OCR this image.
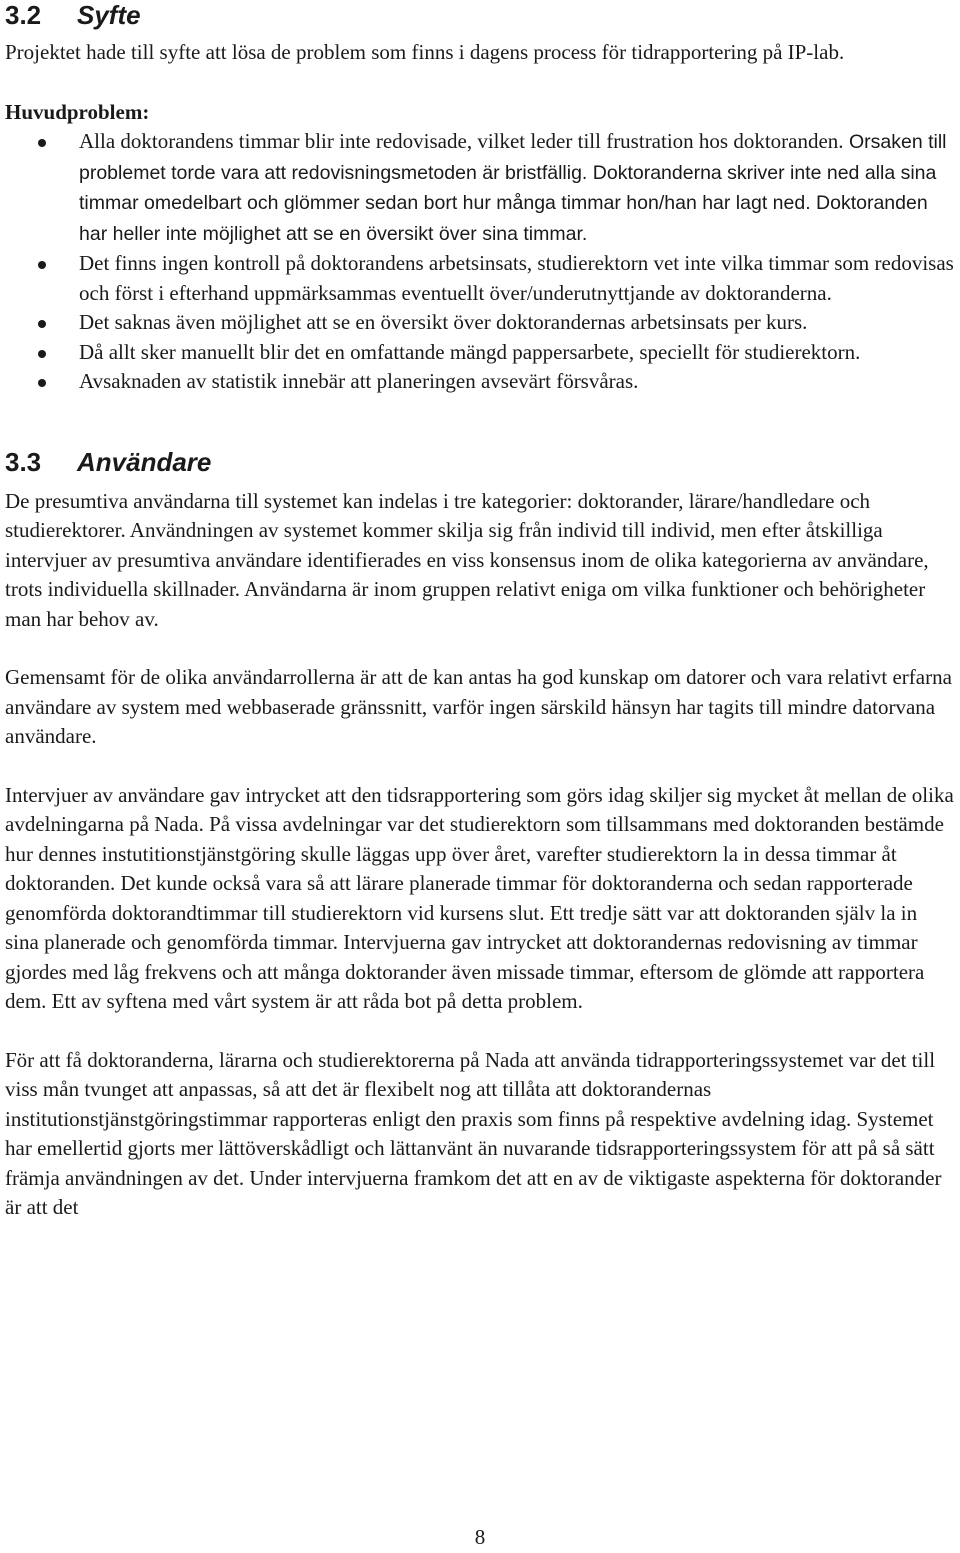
3.2	Syfte

Projektet hade till syfte att lösa de problem som finns i dagens process för tidrapportering på IP-lab.

Huvudproblem:

Alla doktorandens timmar blir inte redovisade, vilket leder till frustration hos doktoranden. Orsaken till problemet torde vara att redovisningsmetoden är bristfällig. Doktoranderna skriver inte ned alla sina timmar omedelbart och glömmer sedan bort hur många timmar hon/han har lagt ned. Doktoranden har heller inte möjlighet att se en översikt över sina timmar.
Det finns ingen kontroll på doktorandens arbetsinsats, studierektorn vet inte vilka timmar som redovisas och först i efterhand uppmärksammas eventuellt över/underutnyttjande av doktoranderna.
Det saknas även möjlighet att se en översikt över doktorandernas arbetsinsats per kurs.
Då allt sker manuellt blir det en omfattande mängd pappersarbete, speciellt för studierektorn.
Avsaknaden av statistik innebär att planeringen avsevärt försvåras.
3.3	Användare

De presumtiva användarna till systemet kan indelas i tre kategorier: doktorander, lärare/handledare och studierektorer. Användningen av systemet kommer skilja sig från individ till individ, men efter åtskilliga intervjuer av presumtiva användare identifierades en viss konsensus inom de olika kategorierna av användare, trots individuella skillnader. Användarna är inom gruppen relativt eniga om vilka funktioner och behörigheter man har behov av.

Gemensamt för de olika användarrollerna är att de kan antas ha god kunskap om datorer och vara relativt erfarna användare av system med webbaserade gränssnitt, varför ingen särskild hänsyn har tagits till mindre datorvana användare.

Intervjuer av användare gav intrycket att den tidsrapportering som görs idag skiljer sig mycket åt mellan de olika avdelningarna på Nada. På vissa avdelningar var det studierektorn som tillsammans med doktoranden bestämde hur dennes instutitionstjänstgöring skulle läggas upp över året, varefter studierektorn la in dessa timmar åt doktoranden. Det kunde också vara så att lärare planerade timmar för doktoranderna och sedan rapporterade genomförda doktorandtimmar till studierektorn vid kursens slut. Ett tredje sätt var att doktoranden själv la in sina planerade och genomförda timmar. Intervjuerna gav intrycket att doktorandernas redovisning av timmar gjordes med låg frekvens och att många doktorander även missade timmar, eftersom de glömde att rapportera dem. Ett av syftena med vårt system är att råda bot på detta problem.

För att få doktoranderna, lärarna och studierektorerna på Nada att använda tidrapporteringssystemet var det till viss mån tvunget att anpassas, så att det är flexibelt nog att tillåta att doktorandernas institutionstjänstgöringstimmar rapporteras enligt den praxis som finns på respektive avdelning idag. Systemet har emellertid gjorts mer lättöverskådligt och lättanvänt än nuvarande tidsrapporteringssystem för att på så sätt främja användningen av det. Under intervjuerna framkom det att en av de viktigaste aspekterna för doktorander är att det

8
